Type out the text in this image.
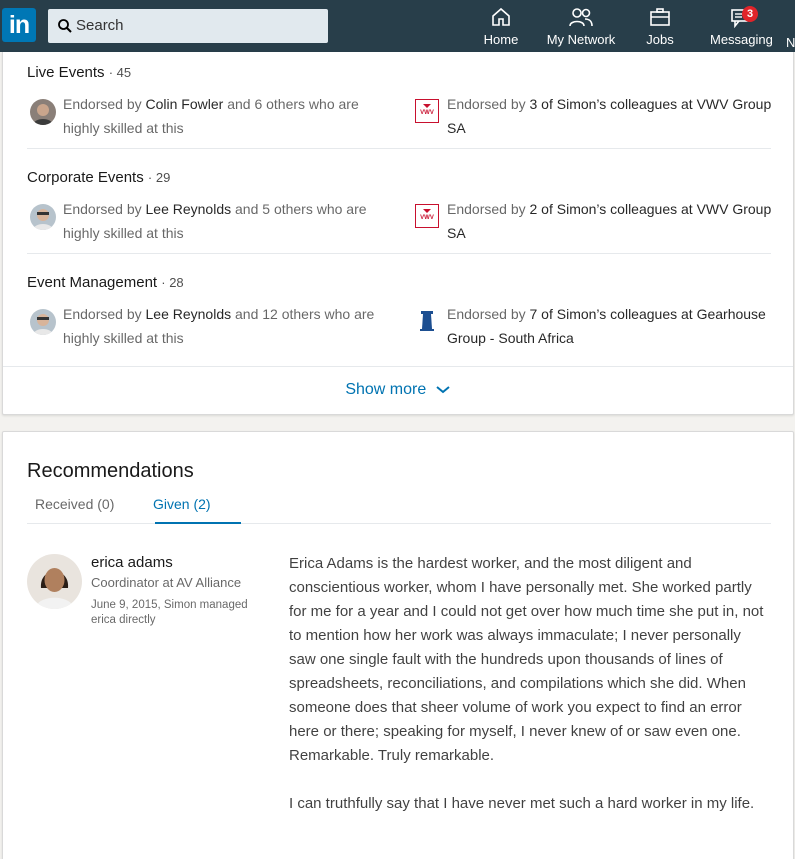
in	Search
Home My Network Jobs
3
Messaging N
Live Events · 45
Endorsed by Colin Fowler and 6 others who are highly skilled at this
VWV
Endorsed by 3 of Simon’s colleagues at VWV Group SA
Corporate Events · 29
Endorsed by Lee Reynolds and 5 others who are highly skilled at this
VWV
Endorsed by 2 of Simon’s colleagues at VWV Group SA
Event Management · 28
Endorsed by Lee Reynolds and 12 others who are highly skilled at this
Endorsed by 7 of Simon’s colleagues at Gearhouse Group - South Africa
Show more
Recommendations
Received (0)	Given (2)
erica adams
Coordinator at AV Alliance
June 9, 2015, Simon managed erica directly

Erica Adams is the hardest worker, and the most diligent and conscientious worker, whom I have personally met. She worked partly for me for a year and I could not get over how much time she put in, not to mention how her work was always immaculate; I never personally saw one single fault with the hundreds upon thousands of lines of spreadsheets, reconciliations, and compilations which she did. When someone does that sheer volume of work you expect to find an error here or there; speaking for myself, I never knew of or saw even one. Remarkable. Truly remarkable.

I can truthfully say that I have never met such a hard worker in my life.
